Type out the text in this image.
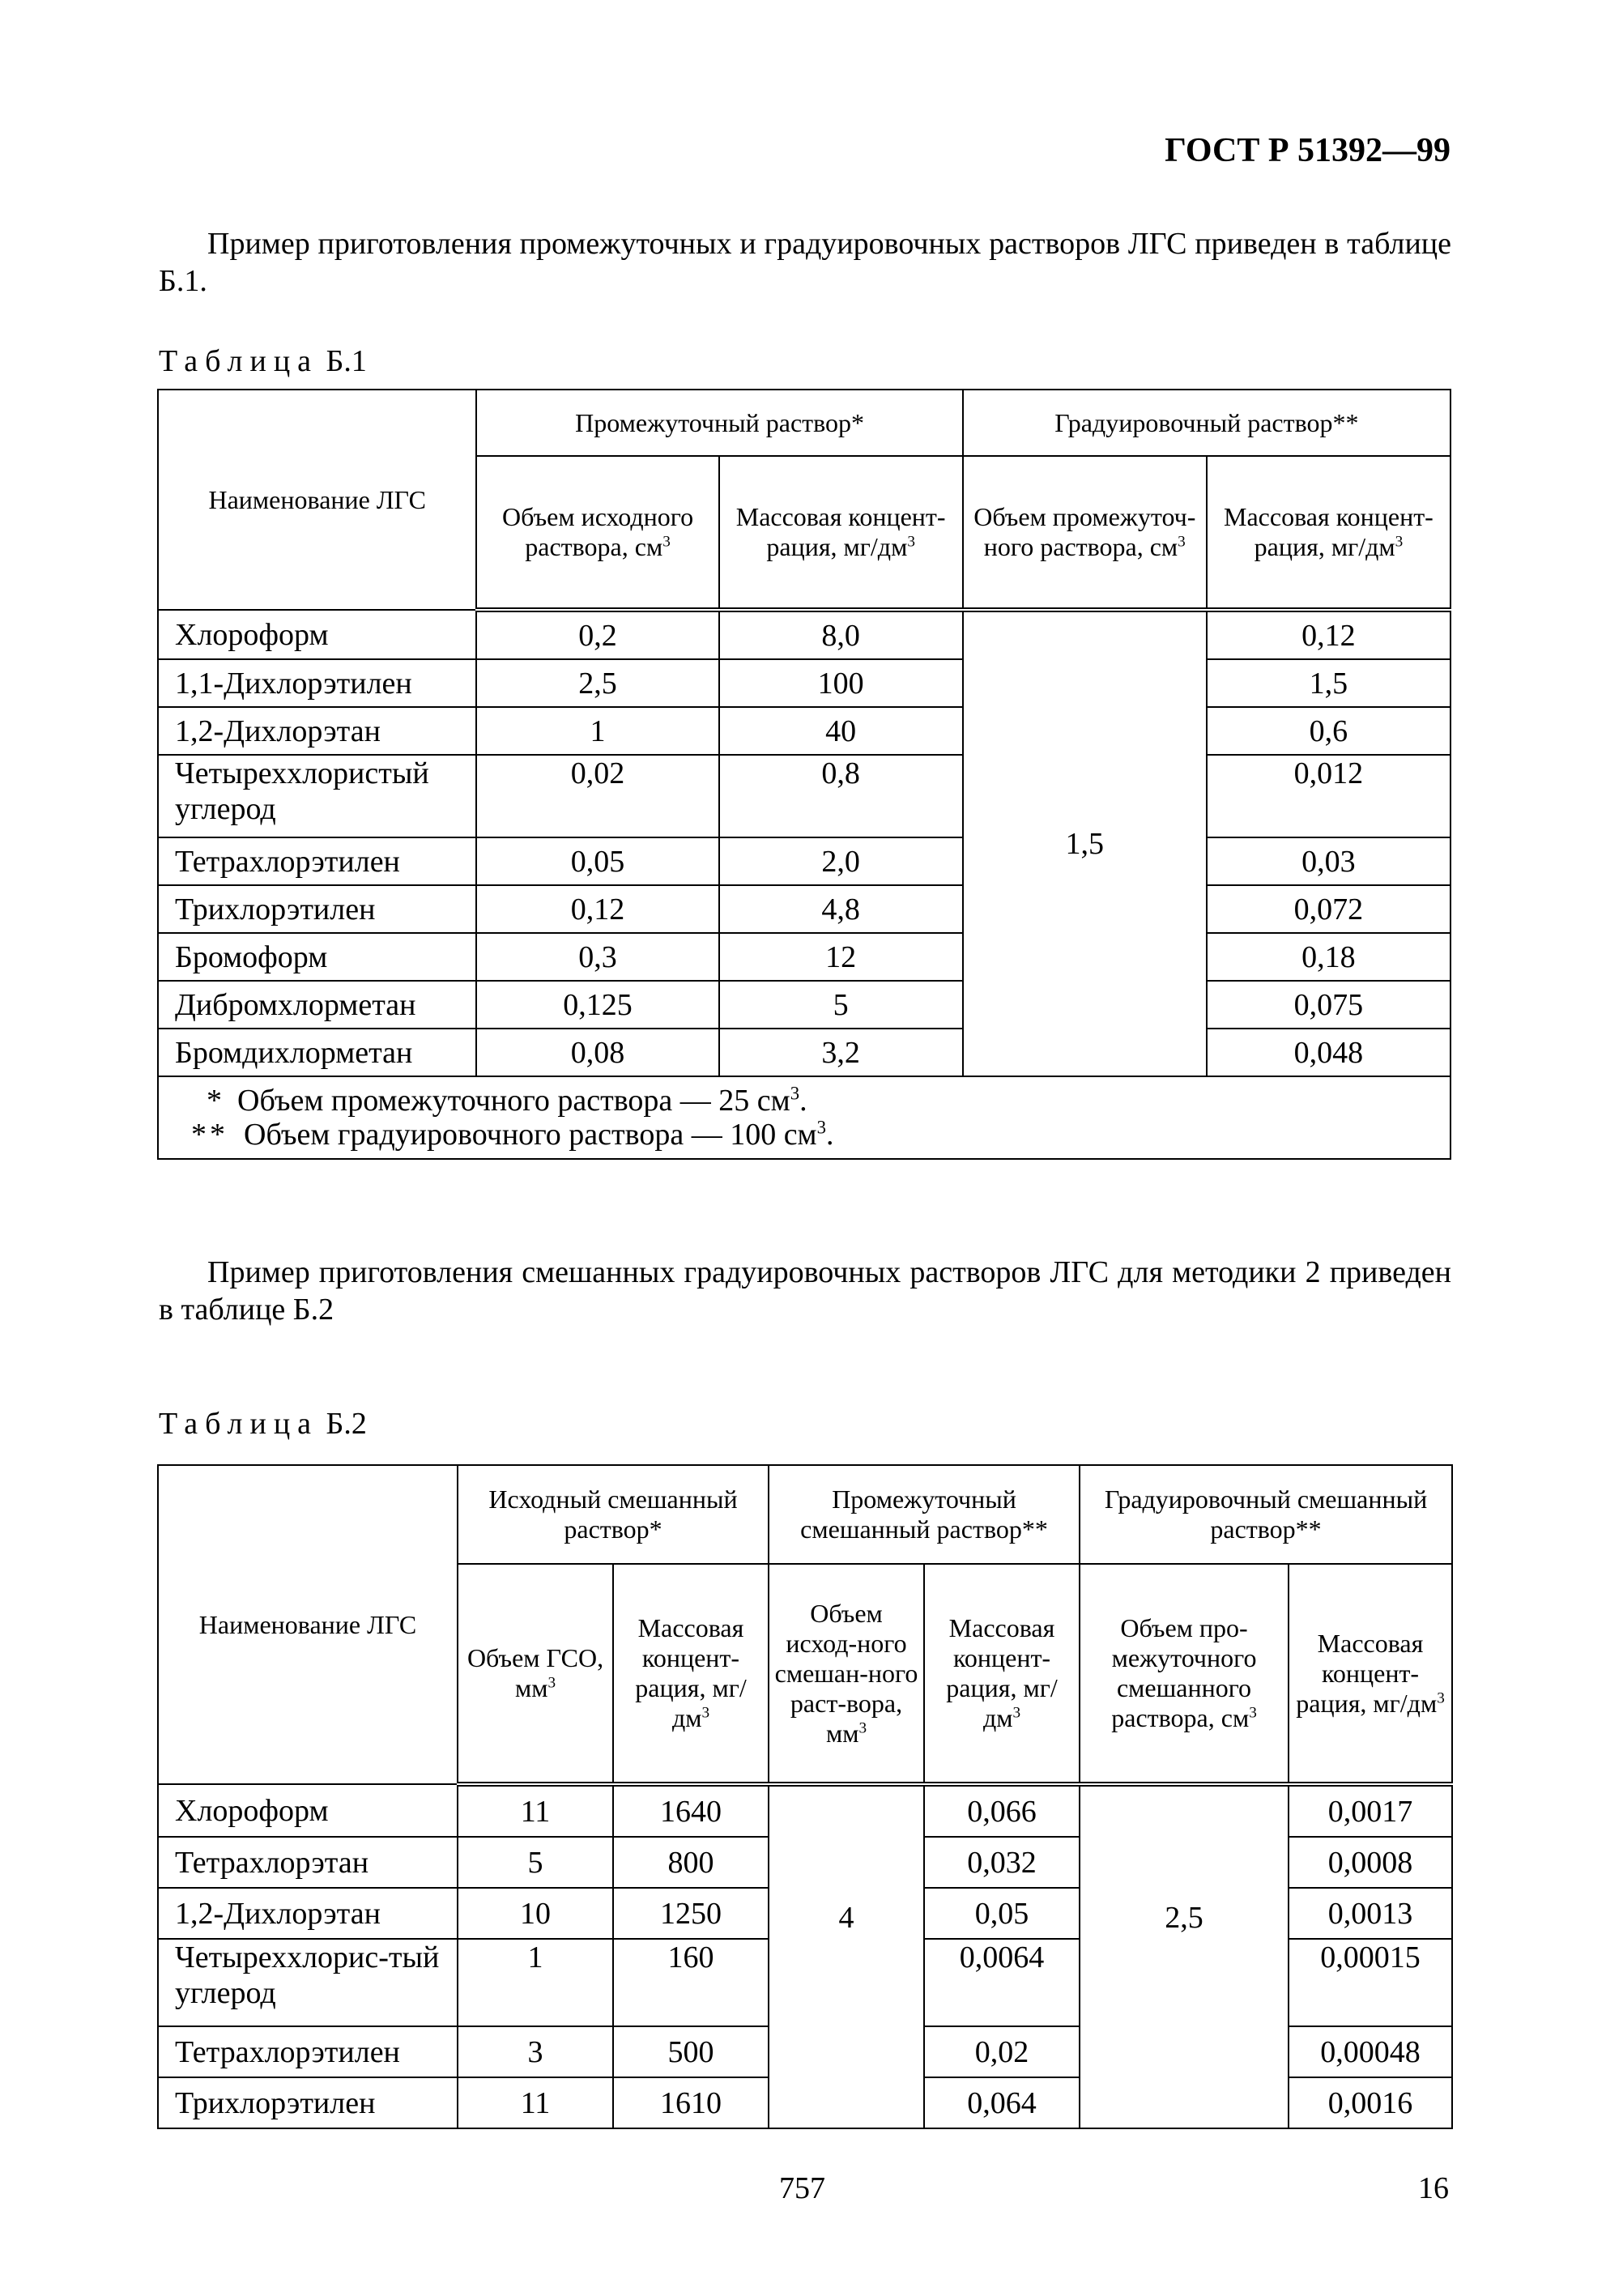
ГОСТ Р 51392—99
Пример приготовления промежуточных и градуировочных растворов ЛГС приведен в таблице Б.1.
Таблица Б.1
Наименование ЛГС	Промежуточный раствор*		Градуировочный раствор**	
	Объем исходного раствора, $см^3$	Массовая концент-рация, $мг/дм^3$	Объем промежуточ-ного раствора, $см^3$	Массовая концент-рация, $мг/дм^3$
Хлороформ	0,2	8,0	1,5	0,12
1,1-Дихлорэтилен	2,5	100		1,5
1,2-Дихлорэтан	1	40		0,6
Четыреххлористый углерод	0,02	0,8		0,012
Тетрахлорэтилен	0,05	2,0		0,03
Трихлорэтилен	0,12	4,8		0,072
Бромоформ	0,3	12		0,18
Дибромхлорметан	0,125	5		0,075
Бромдихлорметан	0,08	3,2		0,048

* Объем промежуточного раствора — 25 $см^3$.
** Объем градуировочного раствора — 100 $см^3$.				
Пример приготовления смешанных градуировочных растворов ЛГС для методики 2 приведен в таблице Б.2
Таблица Б.2
Наименование ЛГС	Исходный смешанный раствор*		Промежуточный смешанный раствор**		Градуировочный смешанный раствор**	
	Объем ГСО, $мм^3$	Массовая концент-рация, $мг/дм^3$	Объем исход-ного смешан-ного раст-вора, $мм^3$	Массовая концент-рация, $мг/дм^3$	Объем про-межуточного смешанного раствора, $см^3$	Массовая концент-рация, $мг/дм^3$
Хлороформ	11	1640	4	0,066	2,5	0,0017
Тетрахлорэтан	5	800		0,032		0,0008
1,2-Дихлорэтан	10	1250		0,05		0,0013
Четыреххлорис-тый углерод	1	160		0,0064		0,00015
Тетрахлорэтилен	3	500		0,02		0,00048
Трихлорэтилен	11	1610		0,064		0,0016
757	16
